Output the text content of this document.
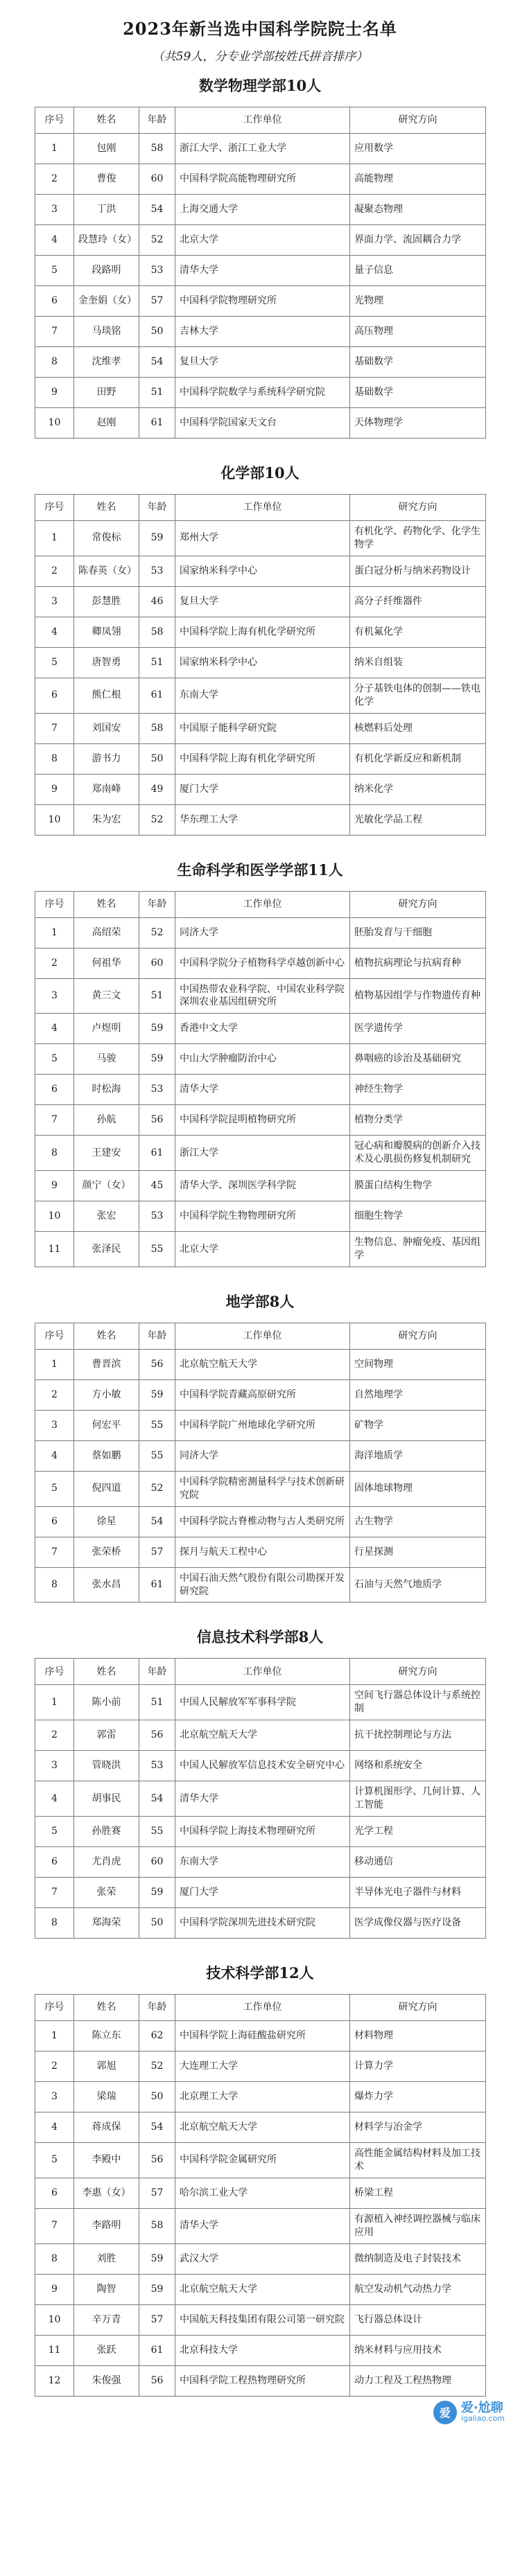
2023年新当选中国科学院院士名单
（共59人，分专业学部按姓氏拼音排序）
数学物理学部10人
序号	姓名	年龄	工作单位	研究方向
1	包刚	58	浙江大学、浙江工业大学	应用数学
2	曹俊	60	中国科学院高能物理研究所	高能物理
3	丁洪	54	上海交通大学	凝聚态物理
4	段慧玲（女）	52	北京大学	界面力学、流固耦合力学
5	段路明	53	清华大学	量子信息
6	金奎娟（女）	57	中国科学院物理研究所	光物理
7	马琰铭	50	吉林大学	高压物理
8	沈维孝	54	复旦大学	基础数学
9	田野	51	中国科学院数学与系统科学研究院	基础数学
10	赵刚	61	中国科学院国家天文台	天体物理学
化学部10人
序号	姓名	年龄	工作单位	研究方向
1	常俊标	59	郑州大学	有机化学、药物化学、化学生物学
2	陈春英（女）	53	国家纳米科学中心	蛋白冠分析与纳米药物设计
3	彭慧胜	46	复旦大学	高分子纤维器件
4	卿凤翎	58	中国科学院上海有机化学研究所	有机氟化学
5	唐智勇	51	国家纳米科学中心	纳米自组装
6	熊仁根	61	东南大学	分子基铁电体的创制——铁电化学
7	刘国安	58	中国原子能科学研究院	核燃料后处理
8	游书力	50	中国科学院上海有机化学研究所	有机化学新反应和新机制
9	郑南峰	49	厦门大学	纳米化学
10	朱为宏	52	华东理工大学	光敏化学品工程
生命科学和医学学部11人
序号	姓名	年龄	工作单位	研究方向
1	高绍荣	52	同济大学	胚胎发育与干细胞
2	何祖华	60	中国科学院分子植物科学卓越创新中心	植物抗病理论与抗病育种
3	黄三文	51	中国热带农业科学院、中国农业科学院深圳农业基因组研究所	植物基因组学与作物遗传育种
4	卢煜明	59	香港中文大学	医学遗传学
5	马骏	59	中山大学肿瘤防治中心	鼻咽癌的诊治及基础研究
6	时松海	53	清华大学	神经生物学
7	孙航	56	中国科学院昆明植物研究所	植物分类学
8	王建安	61	浙江大学	冠心病和瓣膜病的创新介入技术及心肌损伤修复机制研究
9	颜宁（女）	45	清华大学、深圳医学科学院	膜蛋白结构生物学
10	张宏	53	中国科学院生物物理研究所	细胞生物学
11	张泽民	55	北京大学	生物信息、肿瘤免疫、基因组学
地学部8人
序号	姓名	年龄	工作单位	研究方向
1	曹晋滨	56	北京航空航天大学	空间物理
2	方小敏	59	中国科学院青藏高原研究所	自然地理学
3	何宏平	55	中国科学院广州地球化学研究所	矿物学
4	蔡如鹏	55	同济大学	海洋地质学
5	倪四道	52	中国科学院精密测量科学与技术创新研究院	固体地球物理
6	徐星	54	中国科学院古脊椎动物与古人类研究所	古生物学
7	张荣桥	57	探月与航天工程中心	行星探测
8	张水昌	61	中国石油天然气股份有限公司勘探开发研究院	石油与天然气地质学
信息技术科学部8人
序号	姓名	年龄	工作单位	研究方向
1	陈小前	51	中国人民解放军军事科学院	空间飞行器总体设计与系统控制
2	郭雷	56	北京航空航天大学	抗干扰控制理论与方法
3	管晓洪	53	中国人民解放军信息技术安全研究中心	网络和系统安全
4	胡事民	54	清华大学	计算机图形学、几何计算、人工智能
5	孙胜赛	55	中国科学院上海技术物理研究所	光学工程
6	尤肖虎	60	东南大学	移动通信
7	张荣	59	厦门大学	半导体光电子器件与材料
8	郑海荣	50	中国科学院深圳先进技术研究院	医学成像仪器与医疗设备
技术科学部12人
序号	姓名	年龄	工作单位	研究方向
1	陈立东	62	中国科学院上海硅酸盐研究所	材料物理
2	郭旭	52	大连理工大学	计算力学
3	梁瑞	50	北京理工大学	爆炸力学
4	蒋成保	54	北京航空航天大学	材料学与冶金学
5	李殿中	56	中国科学院金属研究所	高性能金属结构材料及加工技术
6	李惠（女）	57	哈尔滨工业大学	桥梁工程
7	李路明	58	清华大学	有源植入神经调控器械与临床应用
8	刘胜	59	武汉大学	微纳制造及电子封装技术
9	陶智	59	北京航空航天大学	航空发动机气动热力学
10	辛万青	57	中国航天科技集团有限公司第一研究院	飞行器总体设计
11	张跃	61	北京科技大学	纳米材料与应用技术
12	朱俊强	56	中国科学院工程热物理研究所	动力工程及工程热物理
爱 爱·尬聊
igaliao.com
